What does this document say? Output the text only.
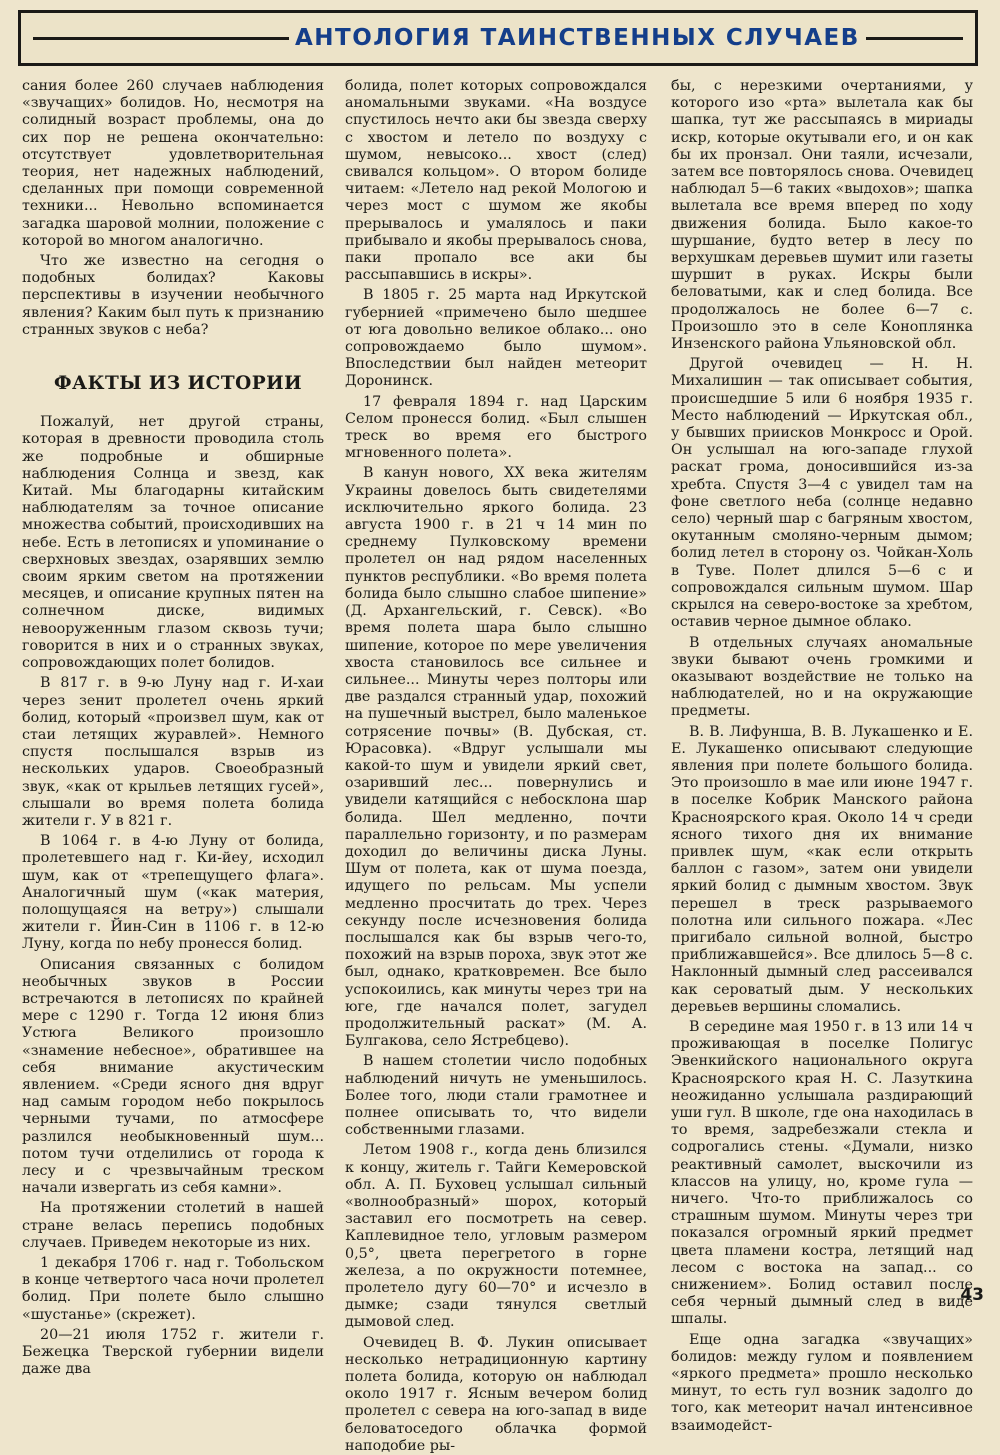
АНТОЛОГИЯ ТАИНСТВЕННЫХ СЛУЧАЕВ

сания более 260 случаев наблюдения «звучащих» болидов. Но, несмотря на солидный возраст проблемы, она до сих пор не решена окончательно: отсутствует удовлетворительная теория, нет надежных наблюдений, сделанных при помощи современной техники... Невольно вспоминается загадка шаровой молнии, положение с которой во многом аналогично.

Что же известно на сегодня о подобных болидах? Каковы перспективы в изучении необычного явления? Каким был путь к признанию странных звуков с неба?

ФАКТЫ ИЗ ИСТОРИИ

Пожалуй, нет другой страны, которая в древности проводила столь же подробные и обширные наблюдения Солнца и звезд, как Китай. Мы благодарны китайским наблюдателям за точное описание множества событий, происходивших на небе. Есть в летописях и упоминание о сверхновых звездах, озарявших землю своим ярким светом на протяжении месяцев, и описание крупных пятен на солнечном диске, видимых невооруженным глазом сквозь тучи; говорится в них и о странных звуках, сопровождающих полет болидов.

В 817 г. в 9-ю Луну над г. И-хаи через зенит пролетел очень яркий болид, который «произвел шум, как от стаи летящих журавлей». Немного спустя послышался взрыв из нескольких ударов. Своеобразный звук, «как от крыльев летящих гусей», слышали во время полета болида жители г. У в 821 г.

В 1064 г. в 4-ю Луну от болида, пролетевшего над г. Ки-йеу, исходил шум, как от «трепещущего флага». Аналогичный шум («как материя, полощущаяся на ветру») слышали жители г. Йин-Син в 1106 г. в 12-ю Луну, когда по небу пронесся болид.

Описания связанных с болидом необычных звуков в России встречаются в летописях по крайней мере с 1290 г. Тогда 12 июня близ Устюга Великого произошло «знамение небесное», обратившее на себя внимание акустическим явлением. «Среди ясного дня вдруг над самым городом небо покрылось черными тучами, по атмосфере разлился необыкновенный шум... потом тучи отделились от города к лесу и с чрезвычайным треском начали извергать из себя камни».

На протяжении столетий в нашей стране велась перепись подобных случаев. Приведем некоторые из них.

1 декабря 1706 г. над г. Тобольском в конце четвертого часа ночи пролетел болид. При полете было слышно «шустанье» (скрежет).

20—21 июля 1752 г. жители г. Бежецка Тверской губернии видели даже два

болида, полет которых сопровождался аномальными звуками. «На воздусе спустилось нечто аки бы звезда сверху с хвостом и летело по воздуху с шумом, невысоко... хвост (след) свивался кольцом». О втором болиде читаем: «Летело над рекой Мологою и через мост с шумом же якобы прерывалось и умалялось и паки прибывало и якобы прерывалось снова, паки пропало все аки бы рассыпавшись в искры».

В 1805 г. 25 марта над Иркутской губернией «примечено было шедшее от юга довольно великое облако... оно сопровождаемо было шумом». Впоследствии был найден метеорит Доронинск.

17 февраля 1894 г. над Царским Селом пронесся болид. «Был слышен треск во время его быстрого мгновенного полета».

В канун нового, XX века жителям Украины довелось быть свидетелями исключительно яркого болида. 23 августа 1900 г. в 21 ч 14 мин по среднему Пулковскому времени пролетел он над рядом населенных пунктов республики. «Во время полета болида было слышно слабое шипение» (Д. Архангельский, г. Севск). «Во время полета шара было слышно шипение, которое по мере увеличения хвоста становилось все сильнее и сильнее... Минуты через полторы или две раздался странный удар, похожий на пушечный выстрел, было маленькое сотрясение почвы» (В. Дубская, ст. Юрасовка). «Вдруг услышали мы какой-то шум и увидели яркий свет, озаривший лес... повернулись и увидели катящийся с небосклона шар болида. Шел медленно, почти параллельно горизонту, и по размерам доходил до величины диска Луны. Шум от полета, как от шума поезда, идущего по рельсам. Мы успели медленно просчитать до трех. Через секунду после исчезновения болида послышался как бы взрыв чего-то, похожий на взрыв пороха, звук этот же был, однако, кратковремен. Все было успокоились, как минуты через три на юге, где начался полет, загудел продолжительный раскат» (М. А. Булгакова, село Ястребцево).

В нашем столетии число подобных наблюдений ничуть не уменьшилось. Более того, люди стали грамотнее и полнее описывать то, что видели собственными глазами.

Летом 1908 г., когда день близился к концу, житель г. Тайги Кемеровской обл. А. П. Буховец услышал сильный «волнообразный» шорох, который заставил его посмотреть на север. Каплевидное тело, угловым размером 0,5°, цвета перегретого в горне железа, а по окружности потемнее, пролетело дугу 60—70° и исчезло в дымке; сзади тянулся светлый дымовой след.

Очевидец В. Ф. Лукин описывает несколько нетрадиционную картину полета болида, которую он наблюдал около 1917 г. Ясным вечером болид пролетел с севера на юго-запад в виде беловатоседого облачка формой наподобие ры-

бы, с нерезкими очертаниями, у которого изо «рта» вылетала как бы шапка, тут же рассыпаясь в мириады искр, которые окутывали его, и он как бы их пронзал. Они таяли, исчезали, затем все повторялось снова. Очевидец наблюдал 5—6 таких «выдохов»; шапка вылетала все время вперед по ходу движения болида. Было какое-то шуршание, будто ветер в лесу по верхушкам деревьев шумит или газеты шуршит в руках. Искры были беловатыми, как и след болида. Все продолжалось не более 6—7 с. Произошло это в селе Коноплянка Инзенского района Ульяновской обл.

Другой очевидец — Н. Н. Михалишин — так описывает события, происшедшие 5 или 6 ноября 1935 г. Место наблюдений — Иркутская обл., у бывших приисков Монкросс и Орой. Он услышал на юго-западе глухой раскат грома, доносившийся из-за хребта. Спустя 3—4 с увидел там на фоне светлого неба (солнце недавно село) черный шар с багряным хвостом, окутанным смоляно-черным дымом; болид летел в сторону оз. Чойкан-Холь в Туве. Полет длился 5—6 с и сопровождался сильным шумом. Шар скрылся на северо-востоке за хребтом, оставив черное дымное облако.

В отдельных случаях аномальные звуки бывают очень громкими и оказывают воздействие не только на наблюдателей, но и на окружающие предметы.

В. В. Лифунша, В. В. Лукашенко и Е. Е. Лукашенко описывают следующие явления при полете большого болида. Это произошло в мае или июне 1947 г. в поселке Кобрик Манского района Красноярского края. Около 14 ч среди ясного тихого дня их внимание привлек шум, «как если открыть баллон с газом», затем они увидели яркий болид с дымным хвостом. Звук перешел в треск разрываемого полотна или сильного пожара. «Лес пригибало сильной волной, быстро приближавшейся». Все длилось 5—8 с. Наклонный дымный след рассеивался как сероватый дым. У нескольких деревьев вершины сломались.

В середине мая 1950 г. в 13 или 14 ч проживающая в поселке Полигус Эвенкийского национального округа Красноярского края Н. С. Лазуткина неожиданно услышала раздирающий уши гул. В школе, где она находилась в то время, задребезжали стекла и содрогались стены. «Думали, низко реактивный самолет, выскочили из классов на улицу, но, кроме гула — ничего. Что-то приближалось со страшным шумом. Минуты через три показался огромный яркий предмет цвета пламени костра, летящий над лесом с востока на запад... со снижением». Болид оставил после себя черный дымный след в виде шпалы.

Еще одна загадка «звучащих» болидов: между гулом и появлением «яркого предмета» прошло несколько минут, то есть гул возник задолго до того, как метеорит начал интенсивное взаимодейст-

43
